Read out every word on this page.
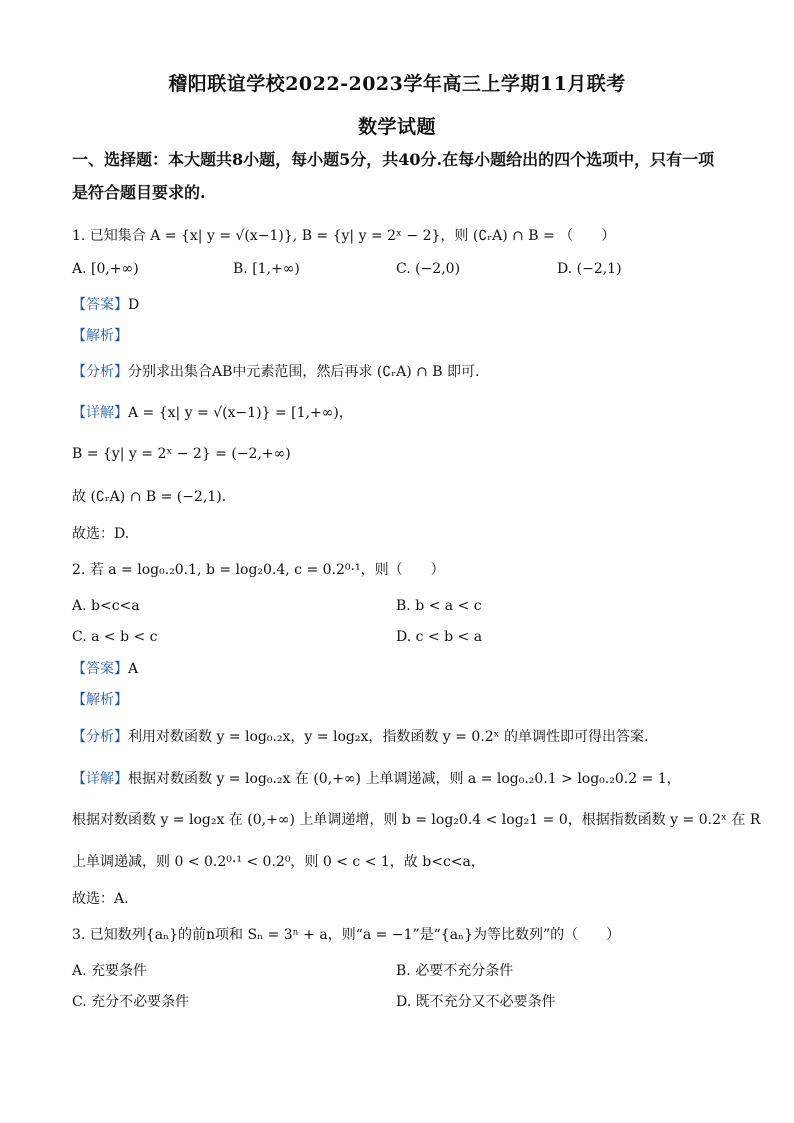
稽阳联谊学校2022-2023学年高三上学期11月联考
数学试题
一、选择题：本大题共8小题，每小题5分，共40分.在每小题给出的四个选项中，只有一项
是符合题目要求的.
1. 已知集合 A = {x| y = √(x−1)}, B = {y| y = 2ˣ − 2}，则 (∁ᵣA) ∩ B = （　　）
A. [0,+∞)	B. [1,+∞)	C. (−2,0)	D. (−2,1)
【答案】D
【解析】
【分析】分别求出集合AB中元素范围，然后再求 (∁ᵣA) ∩ B 即可.
【详解】A = {x| y = √(x−1)} = [1,+∞)，
B = {y| y = 2ˣ − 2} = (−2,+∞)
故 (∁ᵣA) ∩ B = (−2,1).
故选：D.
2. 若 a = log₀.₂0.1, b = log₂0.4, c = 0.2⁰·¹，则（　　）
A. b<c<a	B. b < a < c
C. a < b < c	D. c < b < a
【答案】A
【解析】
【分析】利用对数函数 y = log₀.₂x，y = log₂x，指数函数 y = 0.2ˣ 的单调性即可得出答案.
【详解】根据对数函数 y = log₀.₂x 在 (0,+∞) 上单调递减，则 a = log₀.₂0.1 > log₀.₂0.2 = 1，
根据对数函数 y = log₂x 在 (0,+∞) 上单调递增，则 b = log₂0.4 < log₂1 = 0，根据指数函数 y = 0.2ˣ 在 R
上单调递减，则 0 < 0.2⁰·¹ < 0.2⁰，则 0 < c < 1，故 b<c<a，
故选：A.
3. 已知数列{aₙ}的前n项和 Sₙ = 3ⁿ + a，则“a = −1”是“{aₙ}为等比数列”的（　　）
A. 充要条件	B. 必要不充分条件
C. 充分不必要条件	D. 既不充分又不必要条件
